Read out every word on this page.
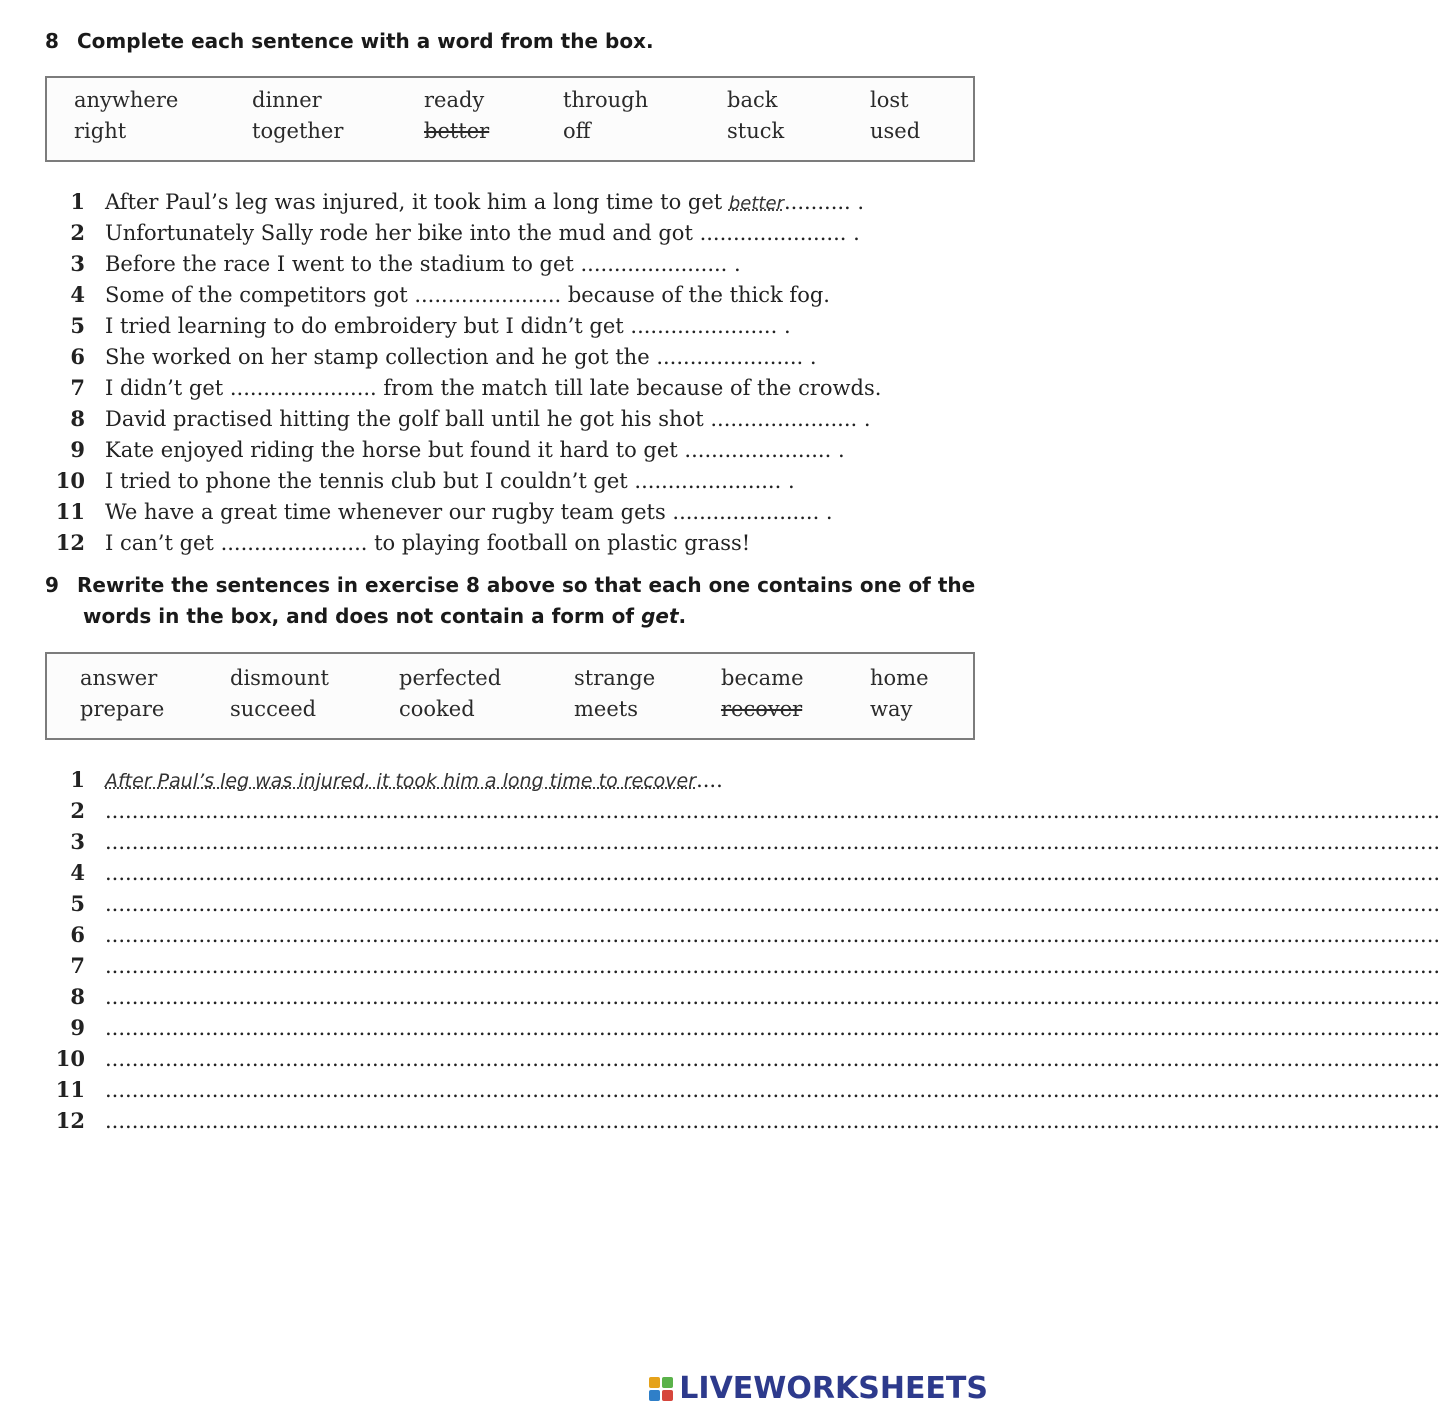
8 Complete each sentence with a word from the box.
anywhere	dinner	ready	through	back	lost
right	together	better	off	stuck	used
1 After Paul’s leg was injured, it took him a long time to get better.......... .
2 Unfortunately Sally rode her bike into the mud and got ...................... .
3 Before the race I went to the stadium to get ...................... .
4 Some of the competitors got ...................... because of the thick fog.
5 I tried learning to do embroidery but I didn’t get ...................... .
6 She worked on her stamp collection and he got the ...................... .
7 I didn’t get ...................... from the match till late because of the crowds.
8 David practised hitting the golf ball until he got his shot ...................... .
9 Kate enjoyed riding the horse but found it hard to get ...................... .
10 I tried to phone the tennis club but I couldn’t get ...................... .
11 We have a great time whenever our rugby team gets ...................... .
12 I can’t get ...................... to playing football on plastic grass!
9 Rewrite the sentences in exercise 8 above so that each one contains one of the
words in the box, and does not contain a form of get.
answer	dismount	perfected	strange	became	home
prepare	succeed	cooked	meets	recover	way
1 After Paul’s leg was injured, it took him a long time to recover....
2 ........................................................................................................................................................................................................
3 ........................................................................................................................................................................................................
4 ........................................................................................................................................................................................................
5 ........................................................................................................................................................................................................
6 ........................................................................................................................................................................................................
7 ........................................................................................................................................................................................................
8 ........................................................................................................................................................................................................
9 ........................................................................................................................................................................................................
10 ........................................................................................................................................................................................................
11 ........................................................................................................................................................................................................
12 ........................................................................................................................................................................................................
LIVEWORKSHEETS
